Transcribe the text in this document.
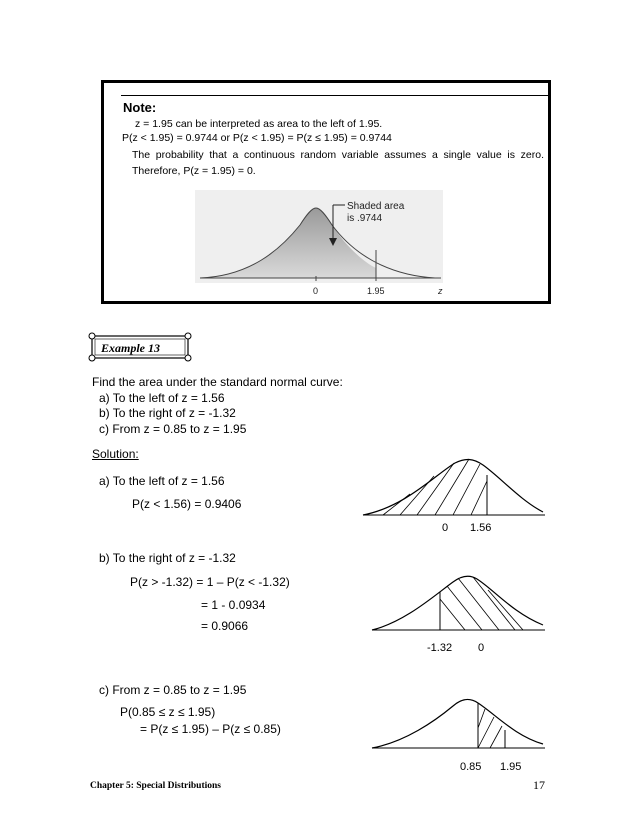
Note:
z = 1.95 can be interpreted as area to the left of 1.95.
P(z < 1.95) = 0.9744 or P(z < 1.95) = P(z ≤ 1.95) = 0.9744
The probability that a continuous random variable assumes a single value is zero. Therefore, P(z = 1.95) = 0.
Shaded area
is .9744
0	1.95	z
Example 13
Find the area under the standard normal curve:
a) To the left of z = 1.56
b) To the right of z = -1.32
c) From z = 0.85 to z = 1.95
Solution:
a) To the left of z = 1.56
P(z < 1.56) = 0.9406
0 1.56
b) To the right of z = -1.32
P(z > -1.32) = 1 – P(z < -1.32)
= 1 - 0.0934
= 0.9066
-1.32 0
c) From z = 0.85 to z = 1.95
P(0.85 ≤ z ≤ 1.95)
= P(z ≤ 1.95) – P(z ≤ 0.85)
0.85 1.95
Chapter 5: Special Distributions	17
